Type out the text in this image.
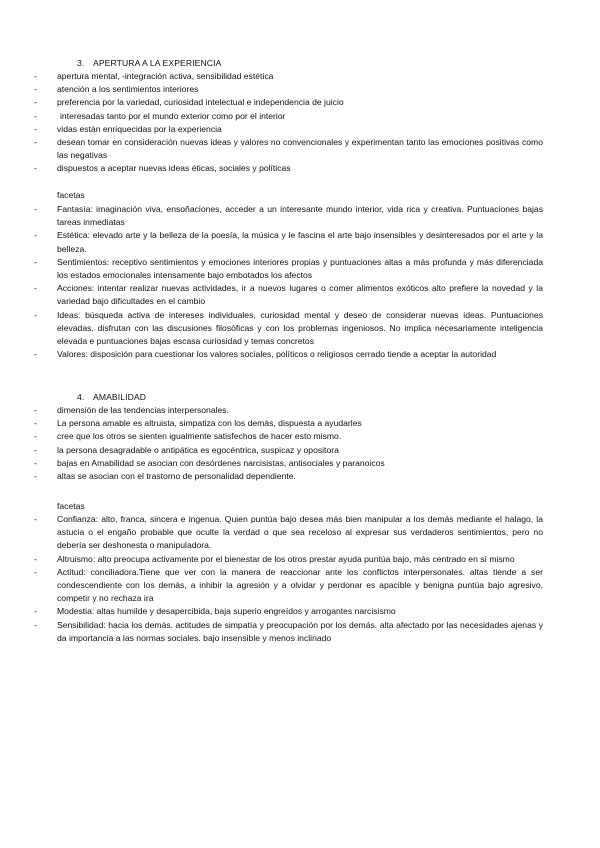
3. APERTURA A LA EXPERIENCIA
- apertura mental, -integración activa, sensibilidad estética
- atención a los sentimientos interiores
- preferencia por la variedad, curiosidad intelectual e independencia de juicio
-	interesadas tanto por el mundo exterior como por el interior
- vidas están enriquecidas por la experiencia
- desean tomar en consideración nuevas ideas y valores no convencionales y experimentan tanto las emociones positivas como las negativas
- dispuestos a aceptar nuevas ideas éticas, sociales y políticas
facetas
- Fantasía: imaginación viva, ensoñaciones, acceder a un interesante mundo interior, vida rica y creativa. Puntuaciones bajas tareas inmediatas
- Estética: elevado arte y la belleza de la poesía, la música y le fascina el arte bajo insensibles y desinteresados por el arte y la belleza.
- Sentimientos: receptivo sentimientos y emociones interiores propias y puntuaciones altas a más profunda y más diferenciada los estados emocionales intensamente bajo embotados los afectos
- Acciones: intentar realizar nuevas actividades, ir a nuevos lugares o comer alimentos exóticos alto prefiere la novedad y la variedad bajo dificultades en el cambio
- Ideas: búsqueda activa de intereses individuales, curiosidad mental y deseo de considerar nuevas ideas. Puntuaciones elevadas, disfrutan con las discusiones filosóficas y con los problemas ingeniosos. No implica necesariamente inteligencia elevada e puntuaciones bajas escasa curiosidad y temas concretos
- Valores: disposición para cuestionar los valores sociales, políticos o religiosos cerrado tiende a aceptar la autoridad
4. AMABILIDAD
- dimensión de las tendencias interpersonales.
- La persona amable es altruista, simpatiza con los demás, dispuesta a ayudarles
- cree que los otros se sienten igualmente satisfechos de hacer esto mismo.
- la persona desagradable o antipática es egocéntrica, suspicaz y opositora
- bajas en Amabilidad se asocian con desórdenes narcisistas, antisociales y paranoicos
- altas se asocian con el trastorno de personalidad dependiente.
facetas
- Confianza: alto, franca, sincera e ingenua. Quien puntúa bajo desea más bien manipular a los demás mediante el halago, la astucia o el engaño probable que oculte la verdad o que sea receloso al expresar sus verdaderos sentimientos, pero no debería ser deshonesta o manipuladora.
- Altruismo: alto preocupa activamente por el bienestar de los otros prestar ayuda puntúa bajo, más centrado en sí mismo
- Actitud: conciliadora.Tiene que ver con la manera de reaccionar ante los conflictos interpersonales. altas tiende a ser condescendiente con los demás, a inhibir la agresión y a olvidar y perdonar es apacible y benigna puntúa bajo agresivo, competir y no rechaza ira
- Modestia: altas humilde y desapercibida, baja superio engreídos y arrogantes narcisismo
- Sensibilidad: hacia los demás. actitudes de simpatía y preocupación por los demás. alta afectado por las necesidades ajenas y da importancia a las normas sociales. bajo insensible y menos inclinado
